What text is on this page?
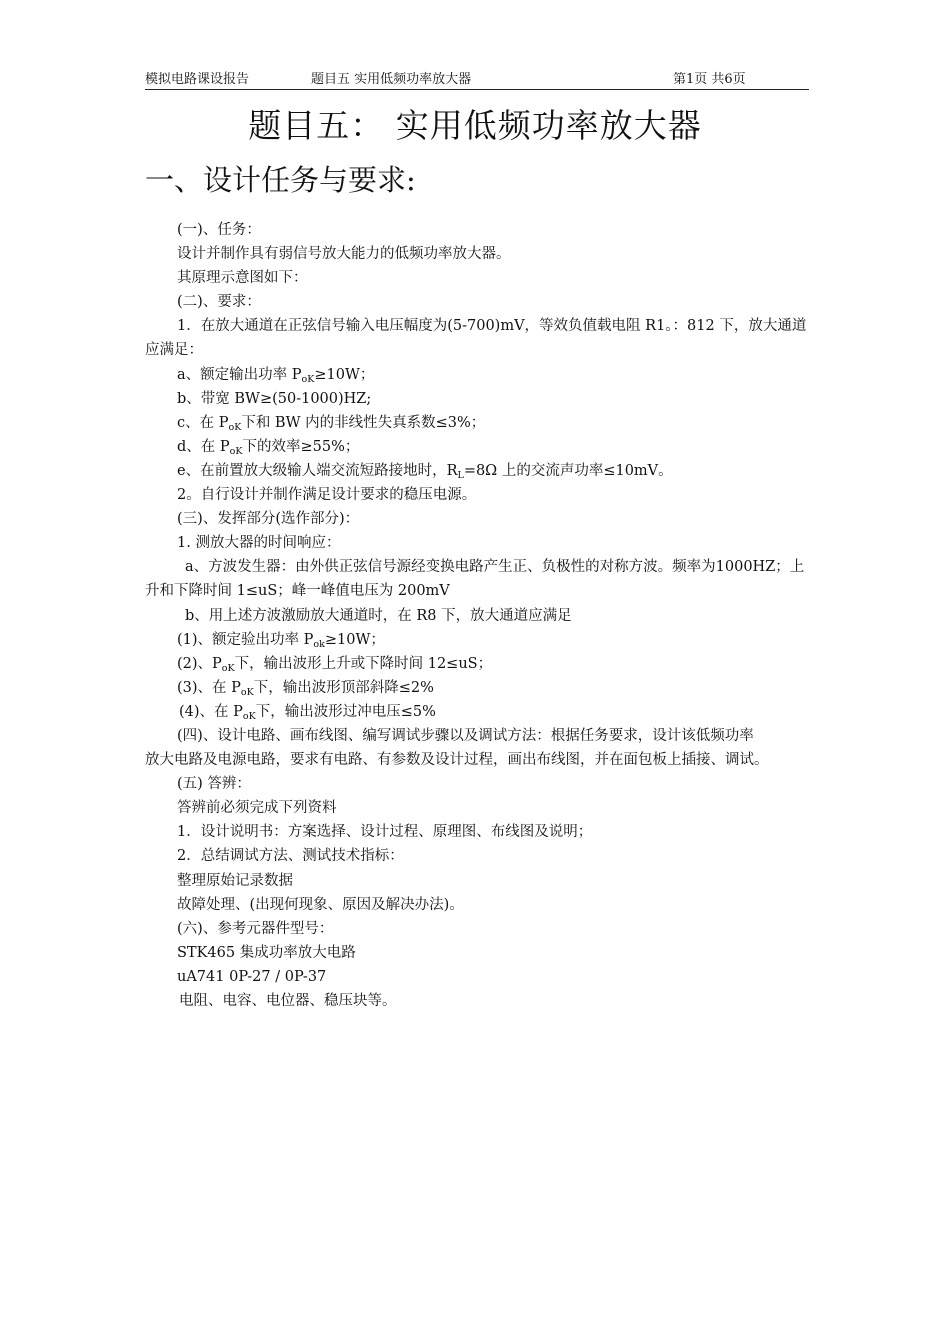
模拟电路课设报告	题目五 实用低频功率放大器	第1页 共6页
题目五： 实用低频功率放大器
一、设计任务与要求:
(一)、任务：
设计并制作具有弱信号放大能力的低频功率放大器。
其原理示意图如下：
(二)、要求：
1．在放大通道在正弦信号输入电压幅度为(5-700)mV，等效负值载电阻 R1。：812 下，放大通道应满足：
a、额定输出功率 $P_{oK}\ge 10W$；
b、带宽 BW≥(50-1000)HZ;
c、在 $P_{oK}$下和 BW 内的非线性失真系数≤3%；
d、在 $P_{oK}$下的效率≥55%；
e、在前置放大级输人端交流短路接地时，$R_L=8\Omega$ 上的交流声功率≤10mV。
2。自行设计并制作满足设计要求的稳压电源。
(三)、发挥部分(选作部分)：
1. 测放大器的时间响应：
a、方波发生器：由外供正弦信号源经变换电路产生正、负极性的对称方波。频率为1000HZ；上升和下降时间 1≤uS；峰一峰值电压为 200mV
b、用上述方波激励放大通道时，在 R8 下，放大通道应满足
(1)、额定验出功率 $P_{ok}\ge 10W$；
(2)、$P_{oK}$下，输出波形上升或下降时间 12≤uS；
(3)、在 $P_{oK}$下，输出波形顶部斜降≤2%
(4)、在 $P_{oK}$下，输出波形过冲电压≤5%
(四)、设计电路、画布线图、编写调试步骤以及调试方法：根据任务要求，设计该低频功率
放大电路及电源电路，要求有电路、有参数及设计过程，画出布线图，并在面包板上插接、调试。
(五) 答辨：
答辨前必须完成下列资料
1．设计说明书：方案选择、设计过程、原理图、布线图及说明；
2．总结调试方法、测试技术指标：
整理原始记录数据
故障处理、(出现何现象、原因及解决办法)。
(六)、参考元器件型号：
STK465 集成功率放大电路
uA741 0P-27 / 0P-37
电阻、电容、电位器、稳压块等。
